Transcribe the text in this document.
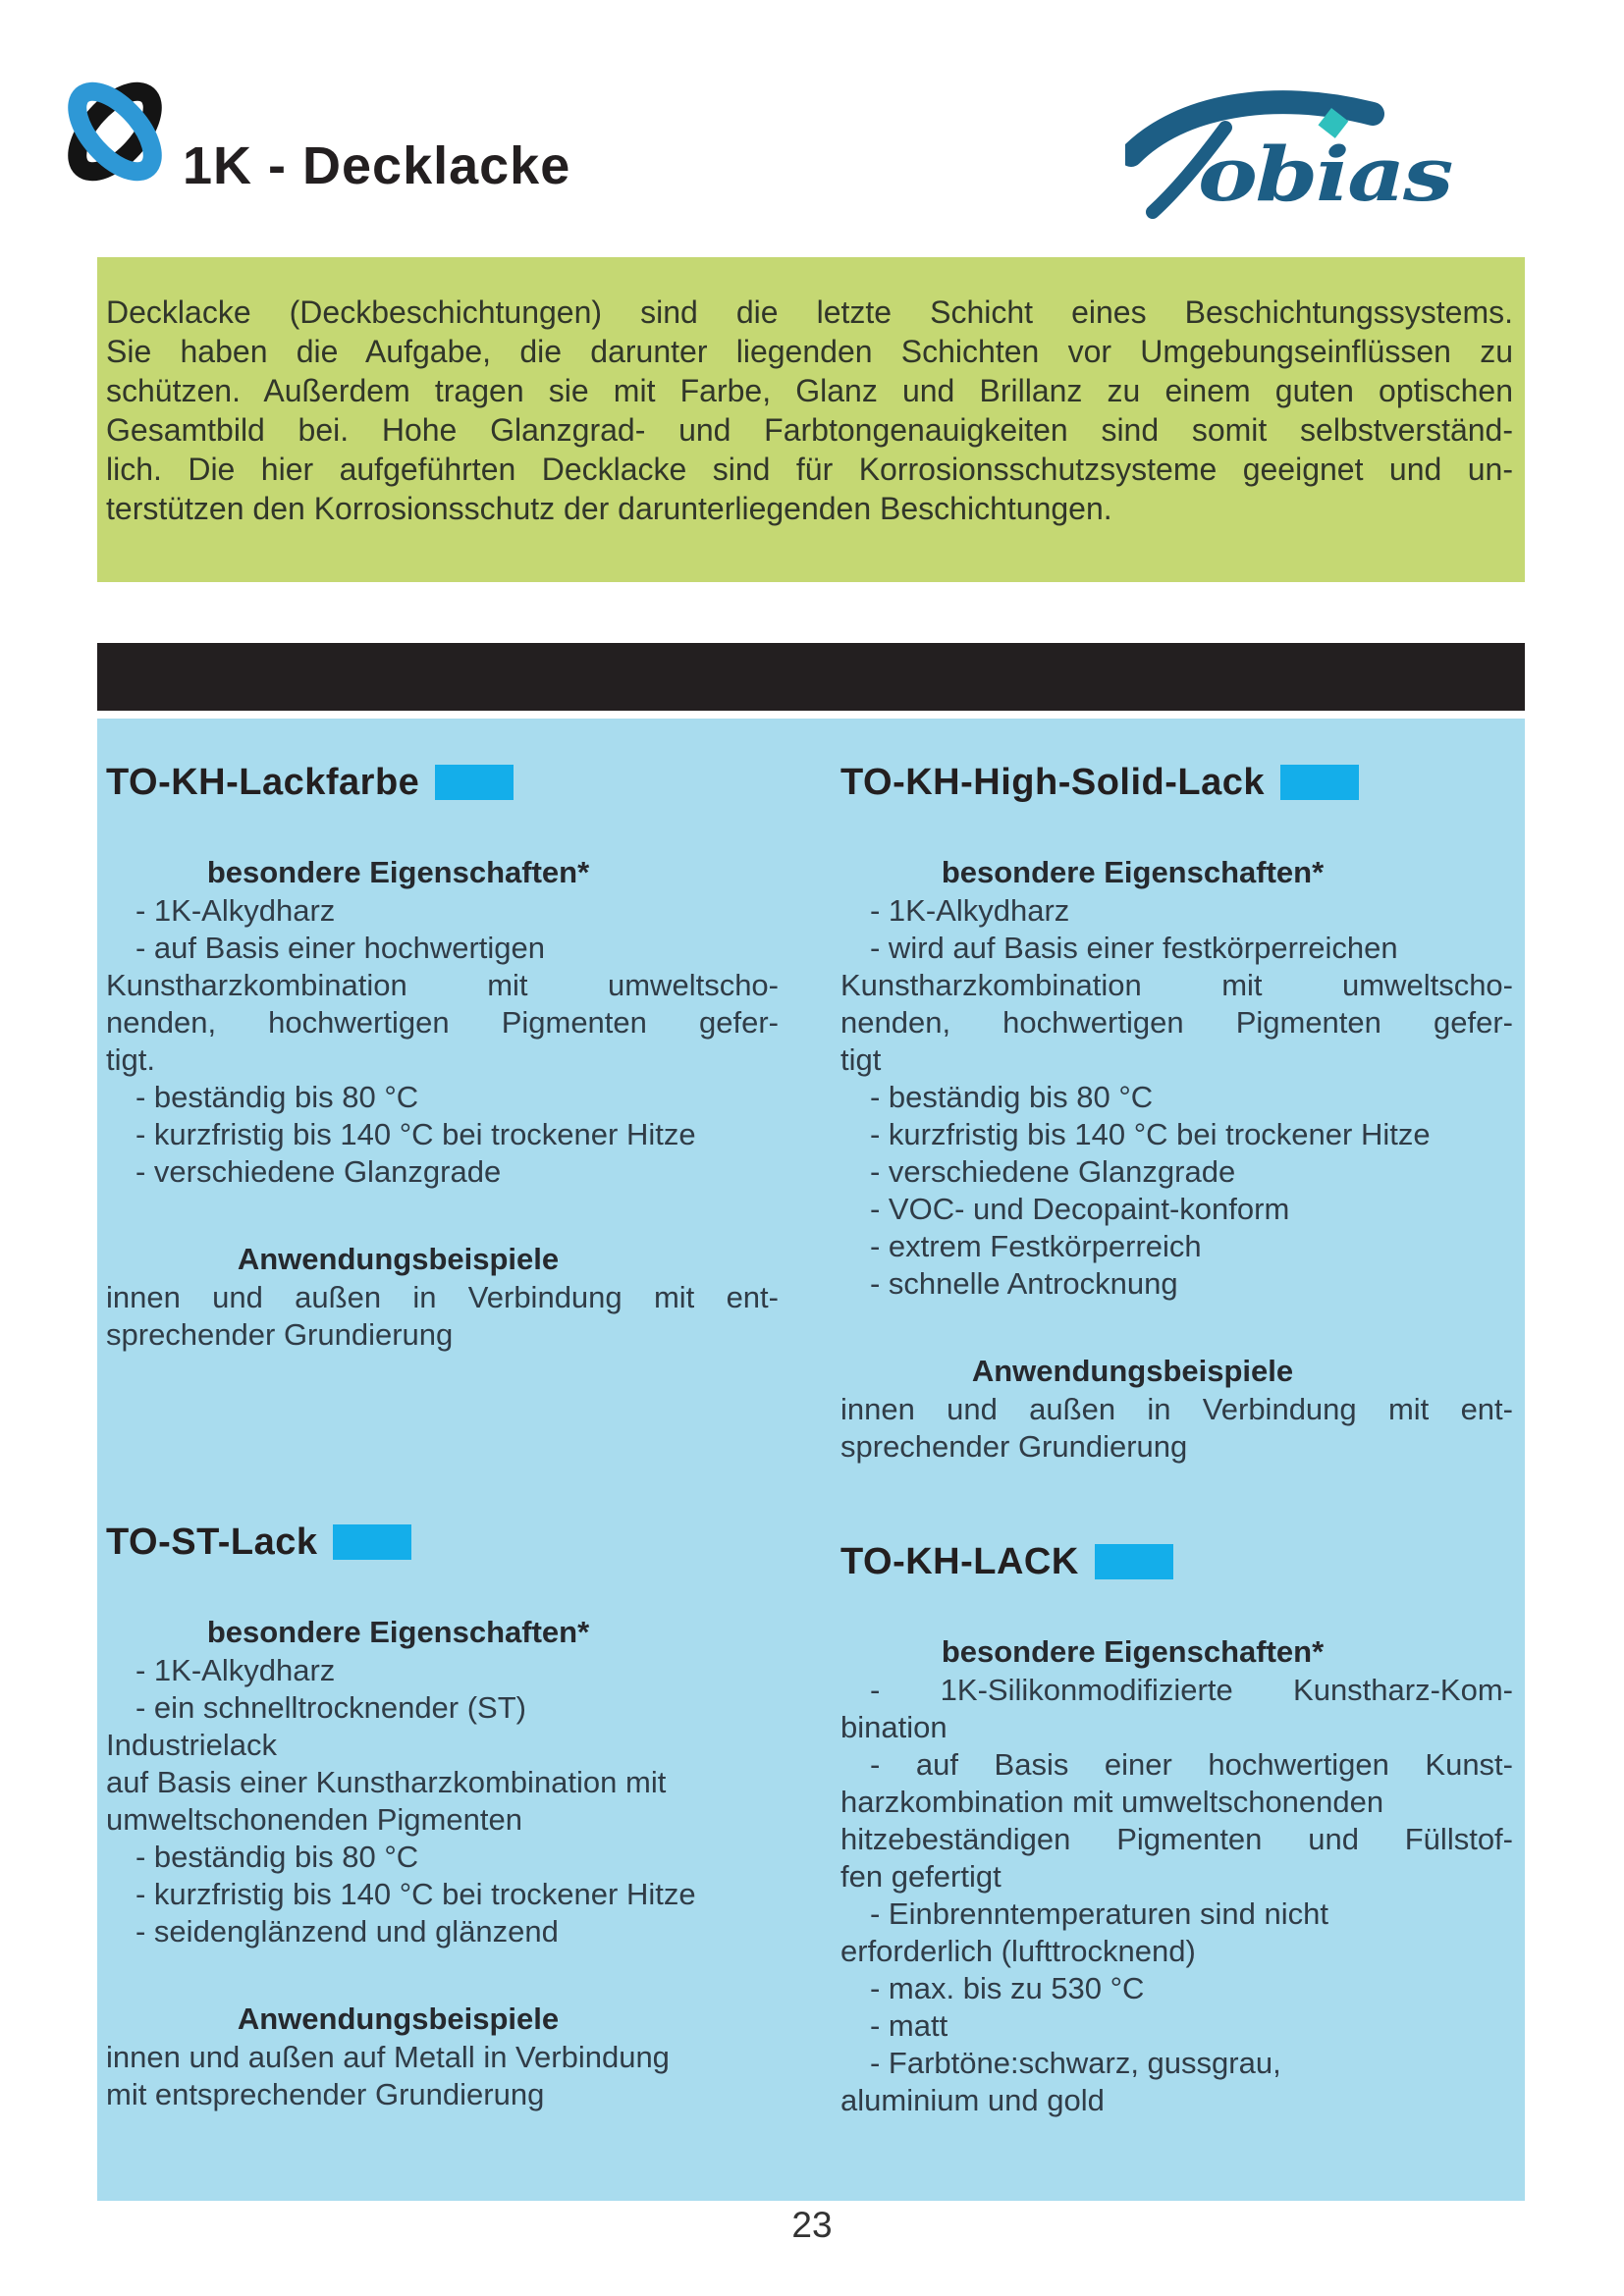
1K - Decklacke	obias
Decklacke (Deckbeschichtungen) sind die letzte Schicht eines Beschichtungssystems.
Sie haben die Aufgabe, die darunter liegenden Schichten vor Umgebungseinflüssen zu
schützen. Außerdem tragen sie mit Farbe, Glanz und Brillanz zu einem guten optischen
Gesamtbild bei. Hohe Glanzgrad- und Farbtongenauigkeiten sind somit selbstverständ-
lich. Die hier aufgeführten Decklacke sind für Korrosionsschutzsysteme geeignet und un-
terstützen den Korrosionsschutz der darunterliegenden Beschichtungen.
TO-KH-Lackfarbe
besondere Eigenschaften*
- 1K-Alkydharz
- auf Basis einer hochwertigen
Kunstharzkombination mit umweltscho-
nenden, hochwertigen Pigmenten gefer-
tigt.
- beständig bis 80 °C
- kurzfristig bis 140 °C bei trockener Hitze
- verschiedene Glanzgrade
Anwendungsbeispiele
innen und außen in Verbindung mit ent-
sprechender Grundierung
TO-ST-Lack
besondere Eigenschaften*
- 1K-Alkydharz
- ein schnelltrocknender (ST)
Industrielack
auf Basis einer Kunstharzkombination mit
umweltschonenden Pigmenten
- beständig bis 80 °C
- kurzfristig bis 140 °C bei trockener Hitze
- seidenglänzend und glänzend
Anwendungsbeispiele
innen und außen auf Metall in Verbindung
mit entsprechender Grundierung
TO-KH-High-Solid-Lack
besondere Eigenschaften*
- 1K-Alkydharz
- wird auf Basis einer festkörperreichen
Kunstharzkombination mit umweltscho-
nenden, hochwertigen Pigmenten gefer-
tigt
- beständig bis 80 °C
- kurzfristig bis 140 °C bei trockener Hitze
- verschiedene Glanzgrade
- VOC- und Decopaint-konform
- extrem Festkörperreich
- schnelle Antrocknung
Anwendungsbeispiele
innen und außen in Verbindung mit ent-
sprechender Grundierung
TO-KH-LACK
besondere Eigenschaften*
- 1K-Silikonmodifizierte Kunstharz-Kom-
bination
- auf Basis einer hochwertigen Kunst-
harzkombination mit umweltschonenden
hitzebeständigen Pigmenten und Füllstof-
fen gefertigt
- Einbrenntemperaturen sind nicht
erforderlich (lufttrocknend)
- max. bis zu 530 °C
- matt
- Farbtöne:schwarz, gussgrau,
aluminium und gold
23
